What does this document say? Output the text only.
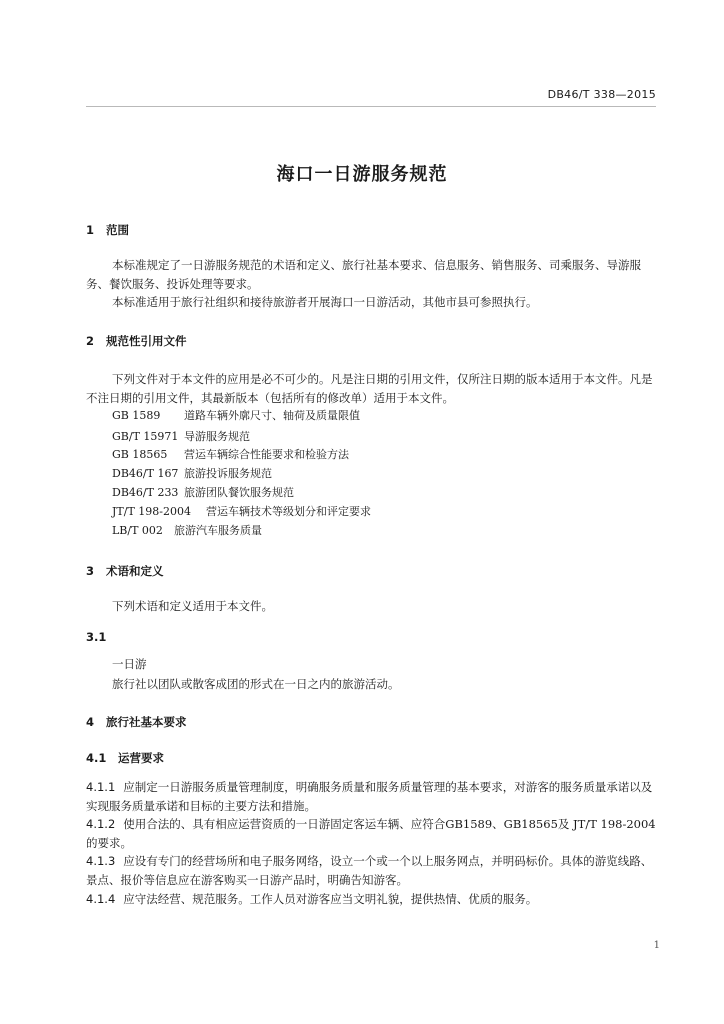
DB46/T 338—2015
海口一日游服务规范
1 范围
本标准规定了一日游服务规范的术语和定义、旅行社基本要求、信息服务、销售服务、司乘服务、导游服务、餐饮服务、投诉处理等要求。
本标准适用于旅行社组织和接待旅游者开展海口一日游活动，其他市县可参照执行。
2 规范性引用文件
下列文件对于本文件的应用是必不可少的。凡是注日期的引用文件，仅所注日期的版本适用于本文件。凡是不注日期的引用文件，其最新版本（包括所有的修改单）适用于本文件。
GB 1589 道路车辆外廓尺寸、轴荷及质量限值
GB/T 15971 导游服务规范
GB 18565 营运车辆综合性能要求和检验方法
DB46/T 167 旅游投诉服务规范
DB46/T 233 旅游团队餐饮服务规范
JT/T 198-2004 营运车辆技术等级划分和评定要求
LB/T 002 旅游汽车服务质量
3 术语和定义
下列术语和定义适用于本文件。
3.1
一日游
旅行社以团队或散客成团的形式在一日之内的旅游活动。
4 旅行社基本要求
4.1 运营要求
4.1.1 应制定一日游服务质量管理制度，明确服务质量和服务质量管理的基本要求，对游客的服务质量承诺以及实现服务质量承诺和目标的主要方法和措施。
4.1.2 使用合法的、具有相应运营资质的一日游固定客运车辆、应符合GB1589、GB18565及 JT/T 198-2004的要求。
4.1.3 应设有专门的经营场所和电子服务网络，设立一个或一个以上服务网点，并明码标价。具体的游览线路、景点、报价等信息应在游客购买一日游产品时，明确告知游客。
4.1.4 应守法经营、规范服务。工作人员对游客应当文明礼貌，提供热情、优质的服务。
1
